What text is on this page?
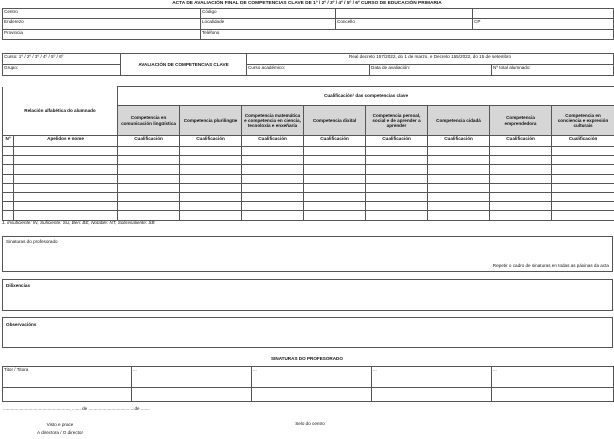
ACTA DE AVALIACIÓN FINAL DE COMPETENCIAS CLAVE DE 1º / 2º / 3º / 4º / 5º / 6º CURSO DE EDUCACIÓN PRIMARIA
Centro	Código		
Enderezo	Localidade	Concello	CP
Provincia	Teléfono		
Curso: 1º / 2º / 3º / 4º / 5º / 6º	AVALIACIÓN DE COMPETENCIAS CLAVE	Real decreto 157/2022, do 1 de marzo, e Decreto 155/2022, do 15 de setembro		
Grupo:		Curso académico:	Data de avaliación:	Nº total alumnado:
Relación alfabética do alumnado		Cualificación¹ das competencias clave							
		Competencia en comunicación lingüística	Competencia plurilingüe	Competencia matemática e competencia en ciencia, tecnoloxía e enxeñaría	Competencia dixital	Competencia persoal, social e de aprender a aprender	Competencia cidadá	Competencia emprendedora	Competencia en conciencia e expresión culturais
Nº	Apelidos e nome	Cualificación	Cualificación	Cualificación	Cualificación	Cualificación	Cualificación	Cualificación	Cualificación

1. Insuficiente: IN, Suficiente: SU, Ben: BE, Notable: NT, Sobresaliente: SB
Sinaturas do profesorado
Repetir o cadro de sinaturas en todas as páxinas da acta
Dilixencias
Observacións
SINATURAS DO PROFESORADO
Titor / Titora	...	...	...	...

...................................................., ....... de ....................................de .......
Visto e prace
A directora / O director
Selo do centro
